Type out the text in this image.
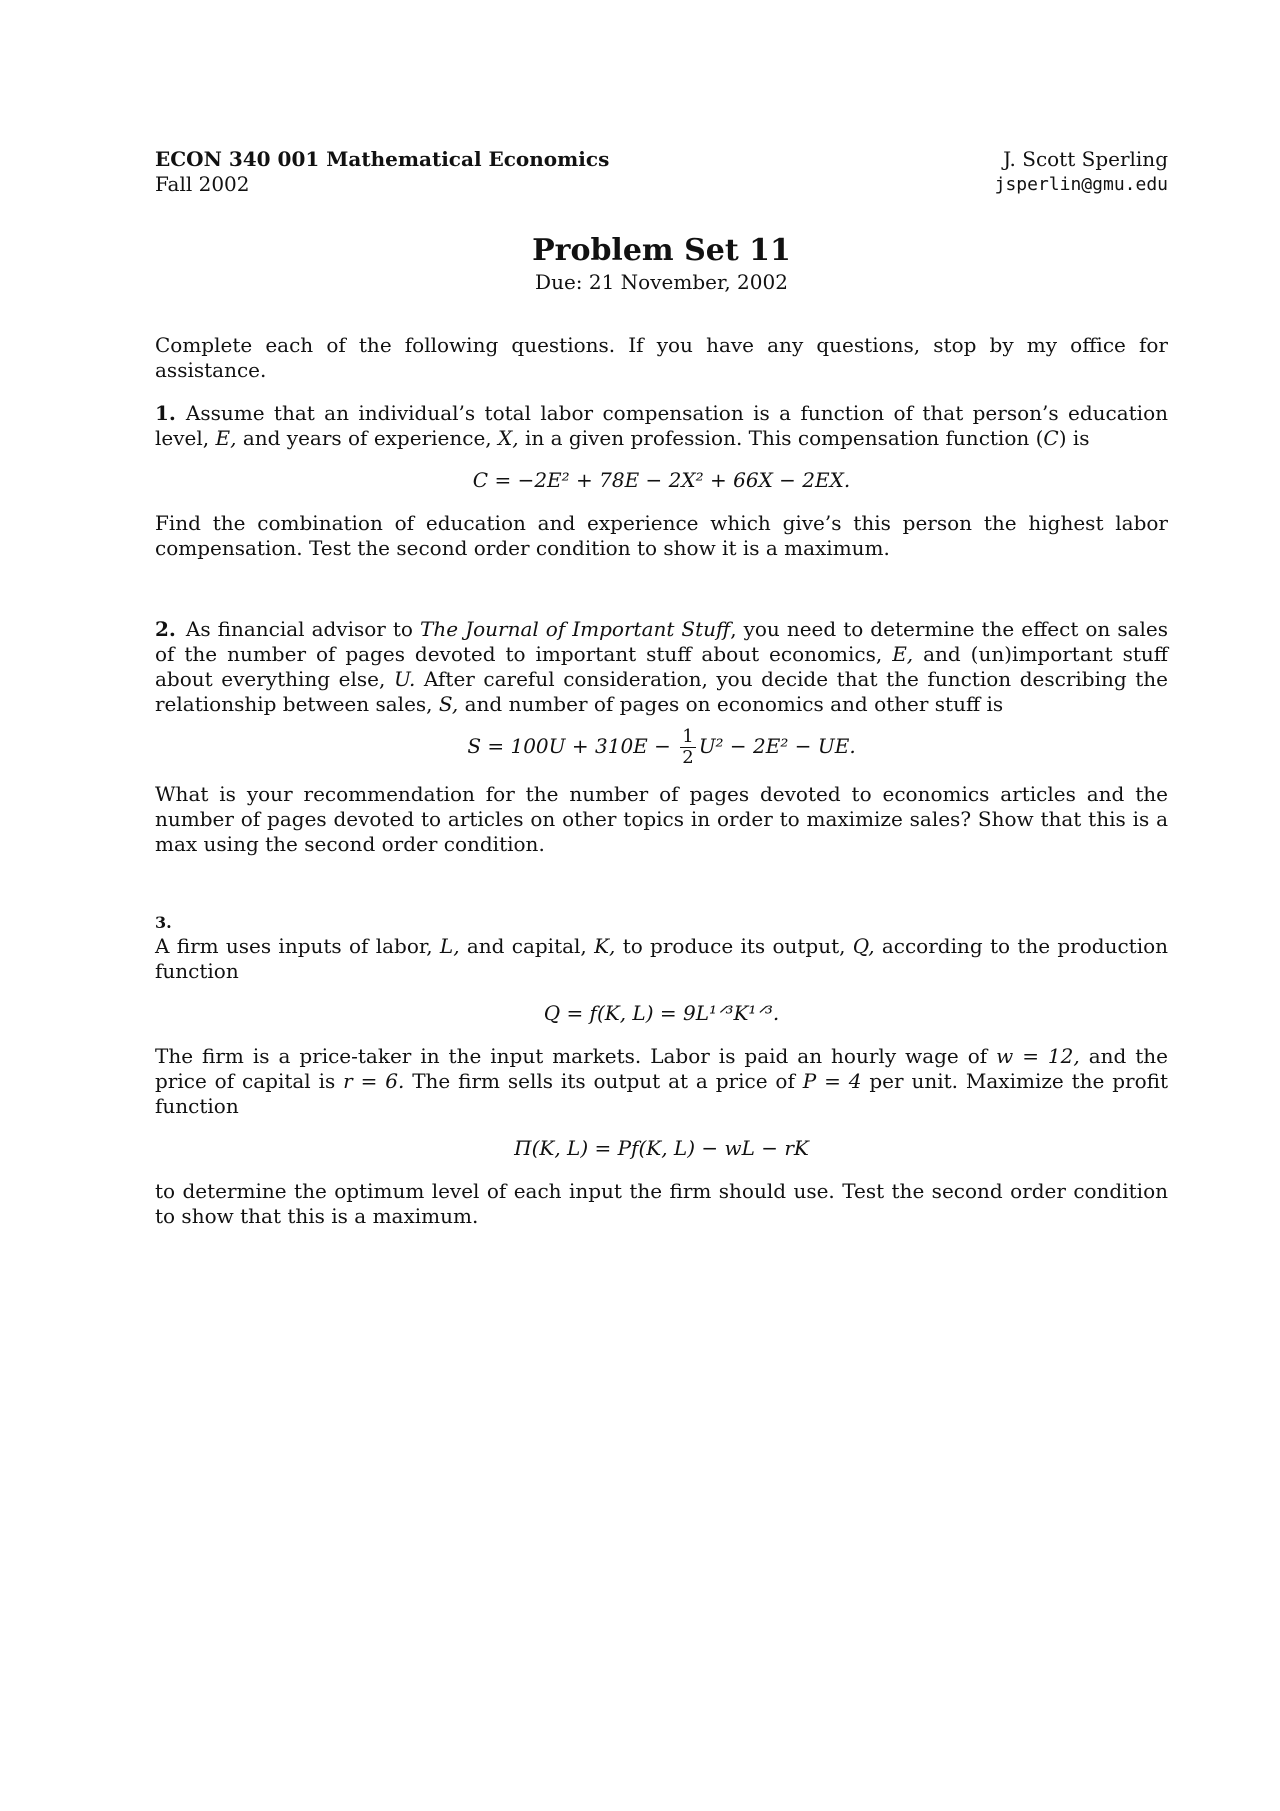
ECON 340 001 Mathematical Economics
Fall 2002
J. Scott Sperling
jsperlin@gmu.edu
Problem Set 11
Due: 21 November, 2002

Complete each of the following questions. If you have any questions, stop by my office for assistance.

1. Assume that an individual’s total labor compensation is a function of that person’s education level, E, and years of experience, X, in a given profession. This compensation function (C) is

C = −2E² + 78E − 2X² + 66X − 2EX.

Find the combination of education and experience which give’s this person the highest labor compensation. Test the second order condition to show it is a maximum.

2. As financial advisor to The Journal of Important Stuff, you need to determine the effect on sales of the number of pages devoted to important stuff about economics, E, and (un)important stuff about everything else, U. After careful consideration, you decide that the function describing the relationship between sales, S, and number of pages on economics and other stuff is

$S = 100U + 310E - \frac{1}{2} U^2 - 2E^2$ − UE.

What is your recommendation for the number of pages devoted to economics articles and the number of pages devoted to articles on other topics in order to maximize sales? Show that this is a max using the second order condition.

3.

A firm uses inputs of labor, L, and capital, K, to produce its output, Q, according to the production function

Q = f(K, L) = 9L¹ᐟ³K¹ᐟ³.

The firm is a price-taker in the input markets. Labor is paid an hourly wage of w = 12, and the price of capital is r = 6. The firm sells its output at a price of P = 4 per unit. Maximize the profit function

Π(K, L) = Pf(K, L) − wL − rK

to determine the optimum level of each input the firm should use. Test the second order condition to show that this is a maximum.
